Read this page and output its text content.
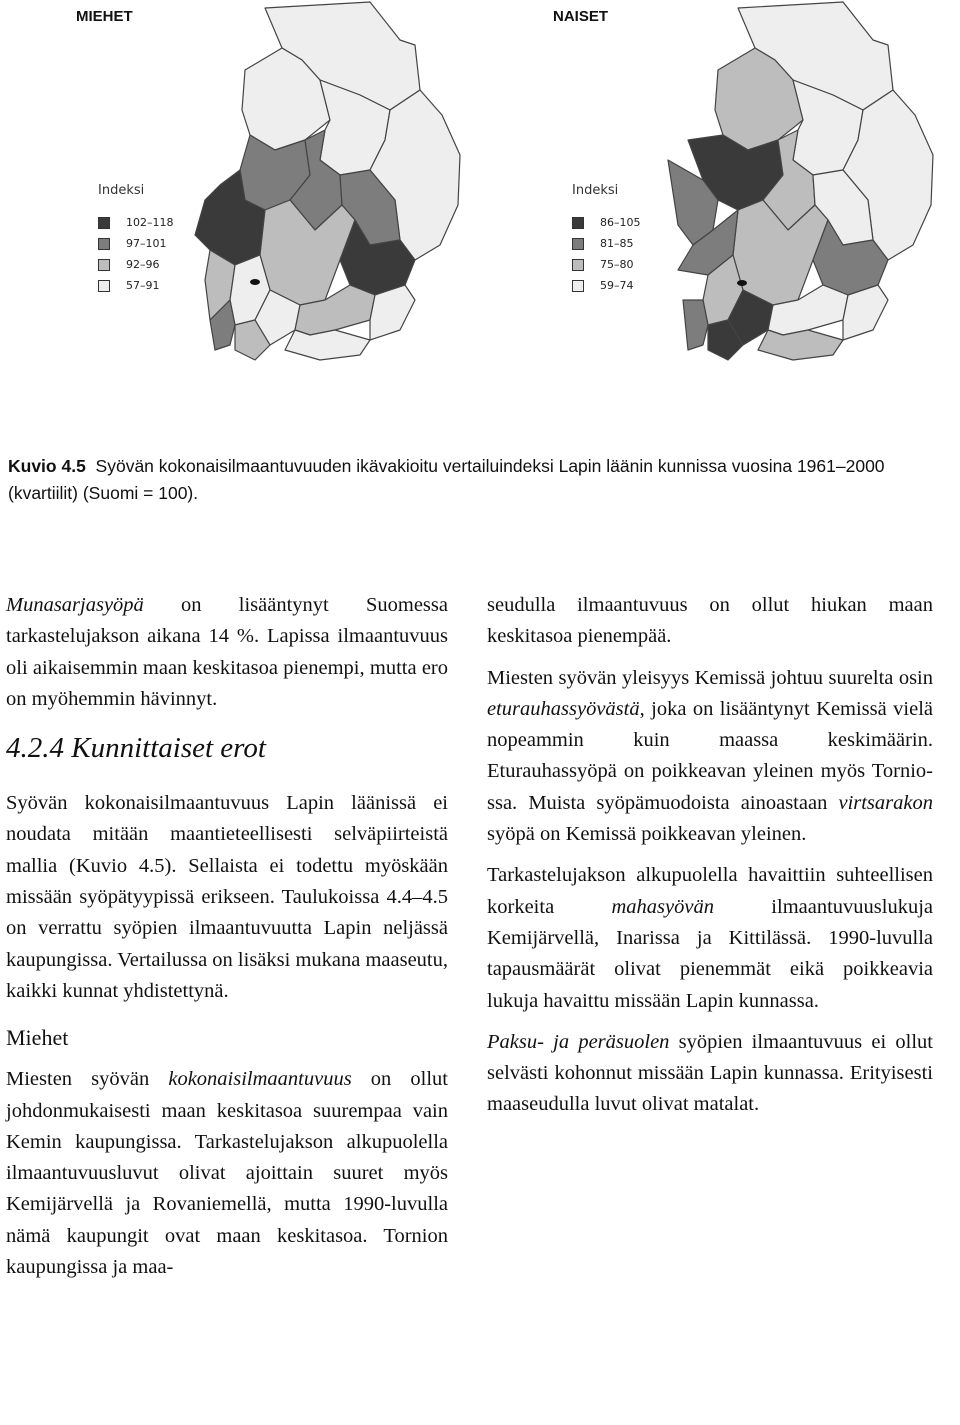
MIEHET
Indeksi
102–118
97–101
92–96
57–91
NAISET
Indeksi
86–105
81–85
75–80
59–74
Kuvio 4.5 Syövän kokonaisilmaantuvuuden ikävakioitu vertailuindeksi Lapin läänin kunnissa vuosina 1961–2000 (kvartiilit) (Suomi = 100).

Munasarjasyöpä on lisääntynyt Suomessa tarkastelujakson aikana 14 %. Lapissa ilmaantuvuus oli aikaisemmin maan keskitasoa pienempi, mutta ero on myöhemmin hävinnyt.

4.2.4 Kunnittaiset erot

Syövän kokonaisilmaantuvuus Lapin läänissä ei noudata mitään maantieteellisesti selväpiirteistä mallia (Kuvio 4.5). Sellaista ei todettu myöskään missään syöpätyypissä erikseen. Taulukoissa 4.4–4.5 on verrattu syöpien ilmaantuvuutta Lapin neljässä kaupungissa. Vertailussa on lisäksi mukana maaseutu, kaikki kunnat yhdistettynä.

Miehet

Miesten syövän kokonaisilmaantuvuus on ollut johdonmukaisesti maan keskitasoa suurempaa vain Kemin kaupungissa. Tarkastelujakson alkupuolella ilmaantuvuusluvut olivat ajoittain suuret myös Kemijärvellä ja Rovaniemellä, mutta 1990-luvulla nämä kaupungit ovat maan keskitasoa. Tornion kaupungissa ja maa-

seudulla ilmaantuvuus on ollut hiukan maan keskitasoa pienempää.

Miesten syövän yleisyys Kemissä johtuu suurelta osin eturauhassyövästä, joka on lisääntynyt Kemissä vielä nopeammin kuin maassa keskimäärin. Eturauhassyöpä on poikkeavan yleinen myös Torniossa. Muista syöpämuodoista ainoastaan virtsarakon syöpä on Kemissä poikkeavan yleinen.

Tarkastelujakson alkupuolella havaittiin suhteellisen korkeita mahasyövän ilmaantuvuuslukuja Kemijärvellä, Inarissa ja Kittilässä. 1990-luvulla tapausmäärät olivat pienemmät eikä poikkeavia lukuja havaittu missään Lapin kunnassa.

Paksu- ja peräsuolen syöpien ilmaantuvuus ei ollut selvästi kohonnut missään Lapin kunnassa. Erityisesti maaseudulla luvut olivat matalat.
